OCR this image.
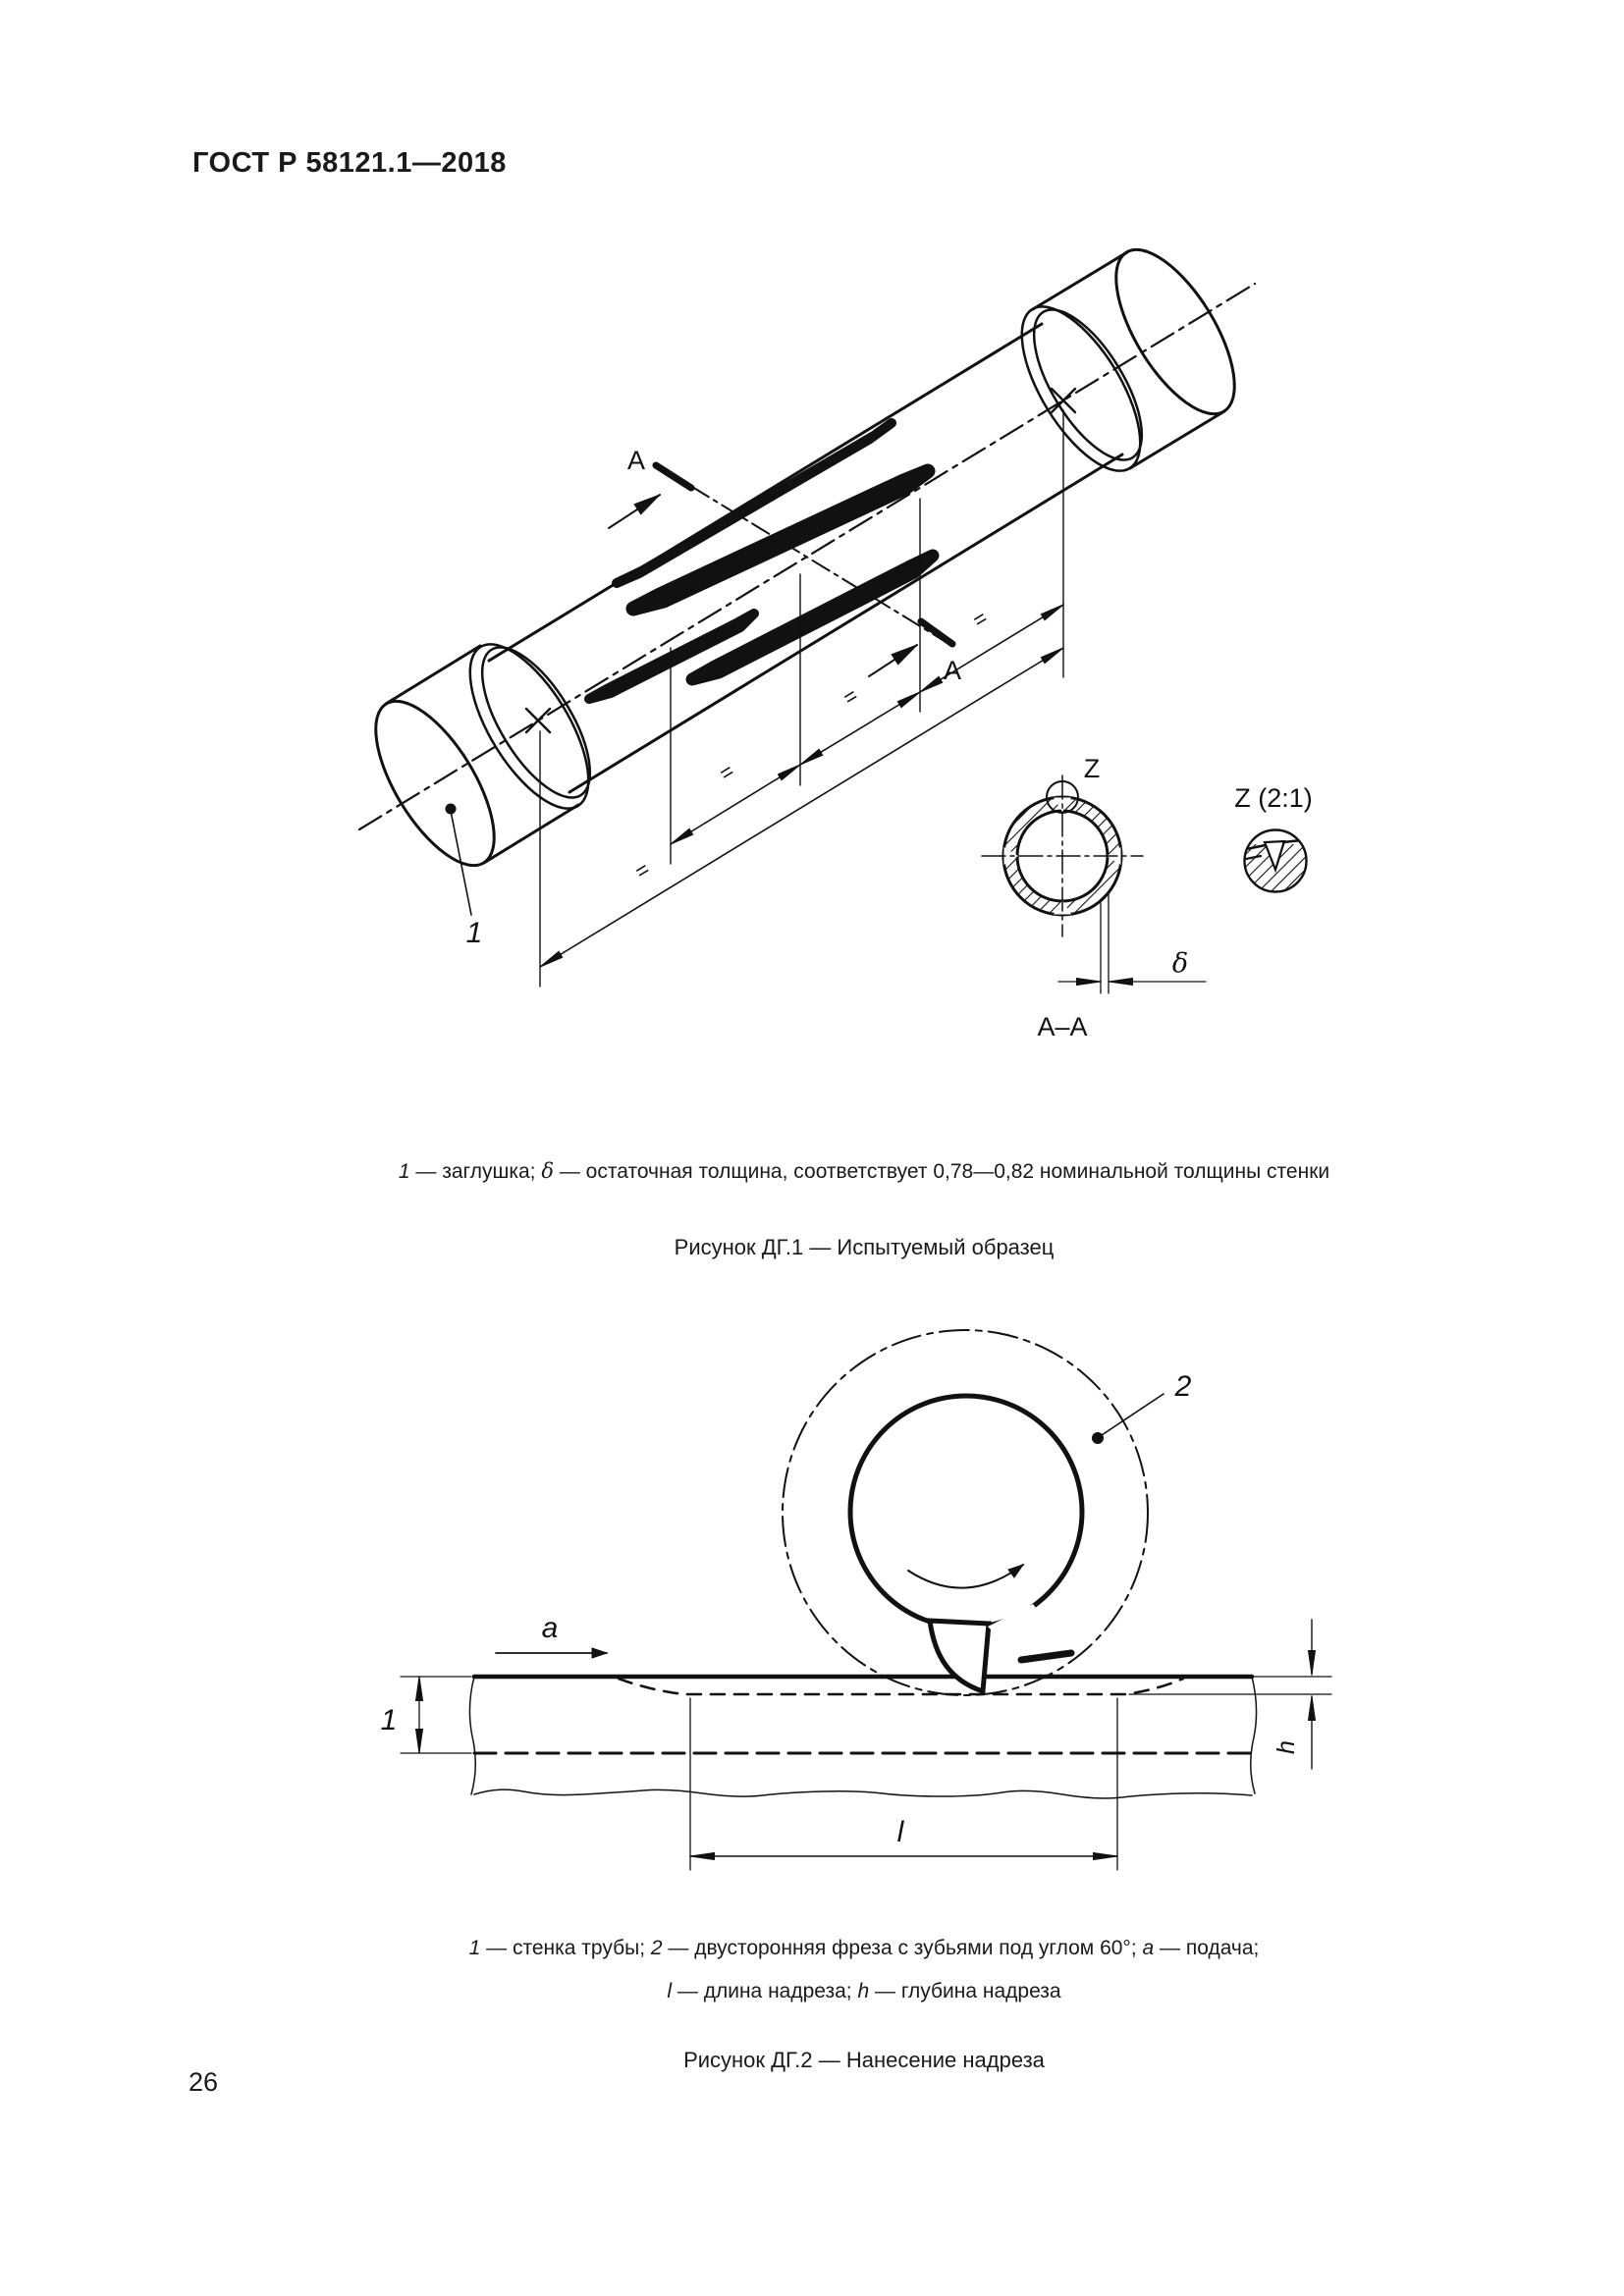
ГОСТ Р 58121.1—2018
=
=
=
=
A
A
1
Z
δ
А–А
Z (2:1)
2
a
1
l
h
1 — заглушка; δ — остаточная толщина, соответствует 0,78—0,82 номинальной толщины стенки
Рисунок ДГ.1 — Испытуемый образец
1 — стенка трубы; 2 — двусторонняя фреза с зубьями под углом 60°; а — подача;
l — длина надреза; h — глубина надреза
Рисунок ДГ.2 — Нанесение надреза
26
